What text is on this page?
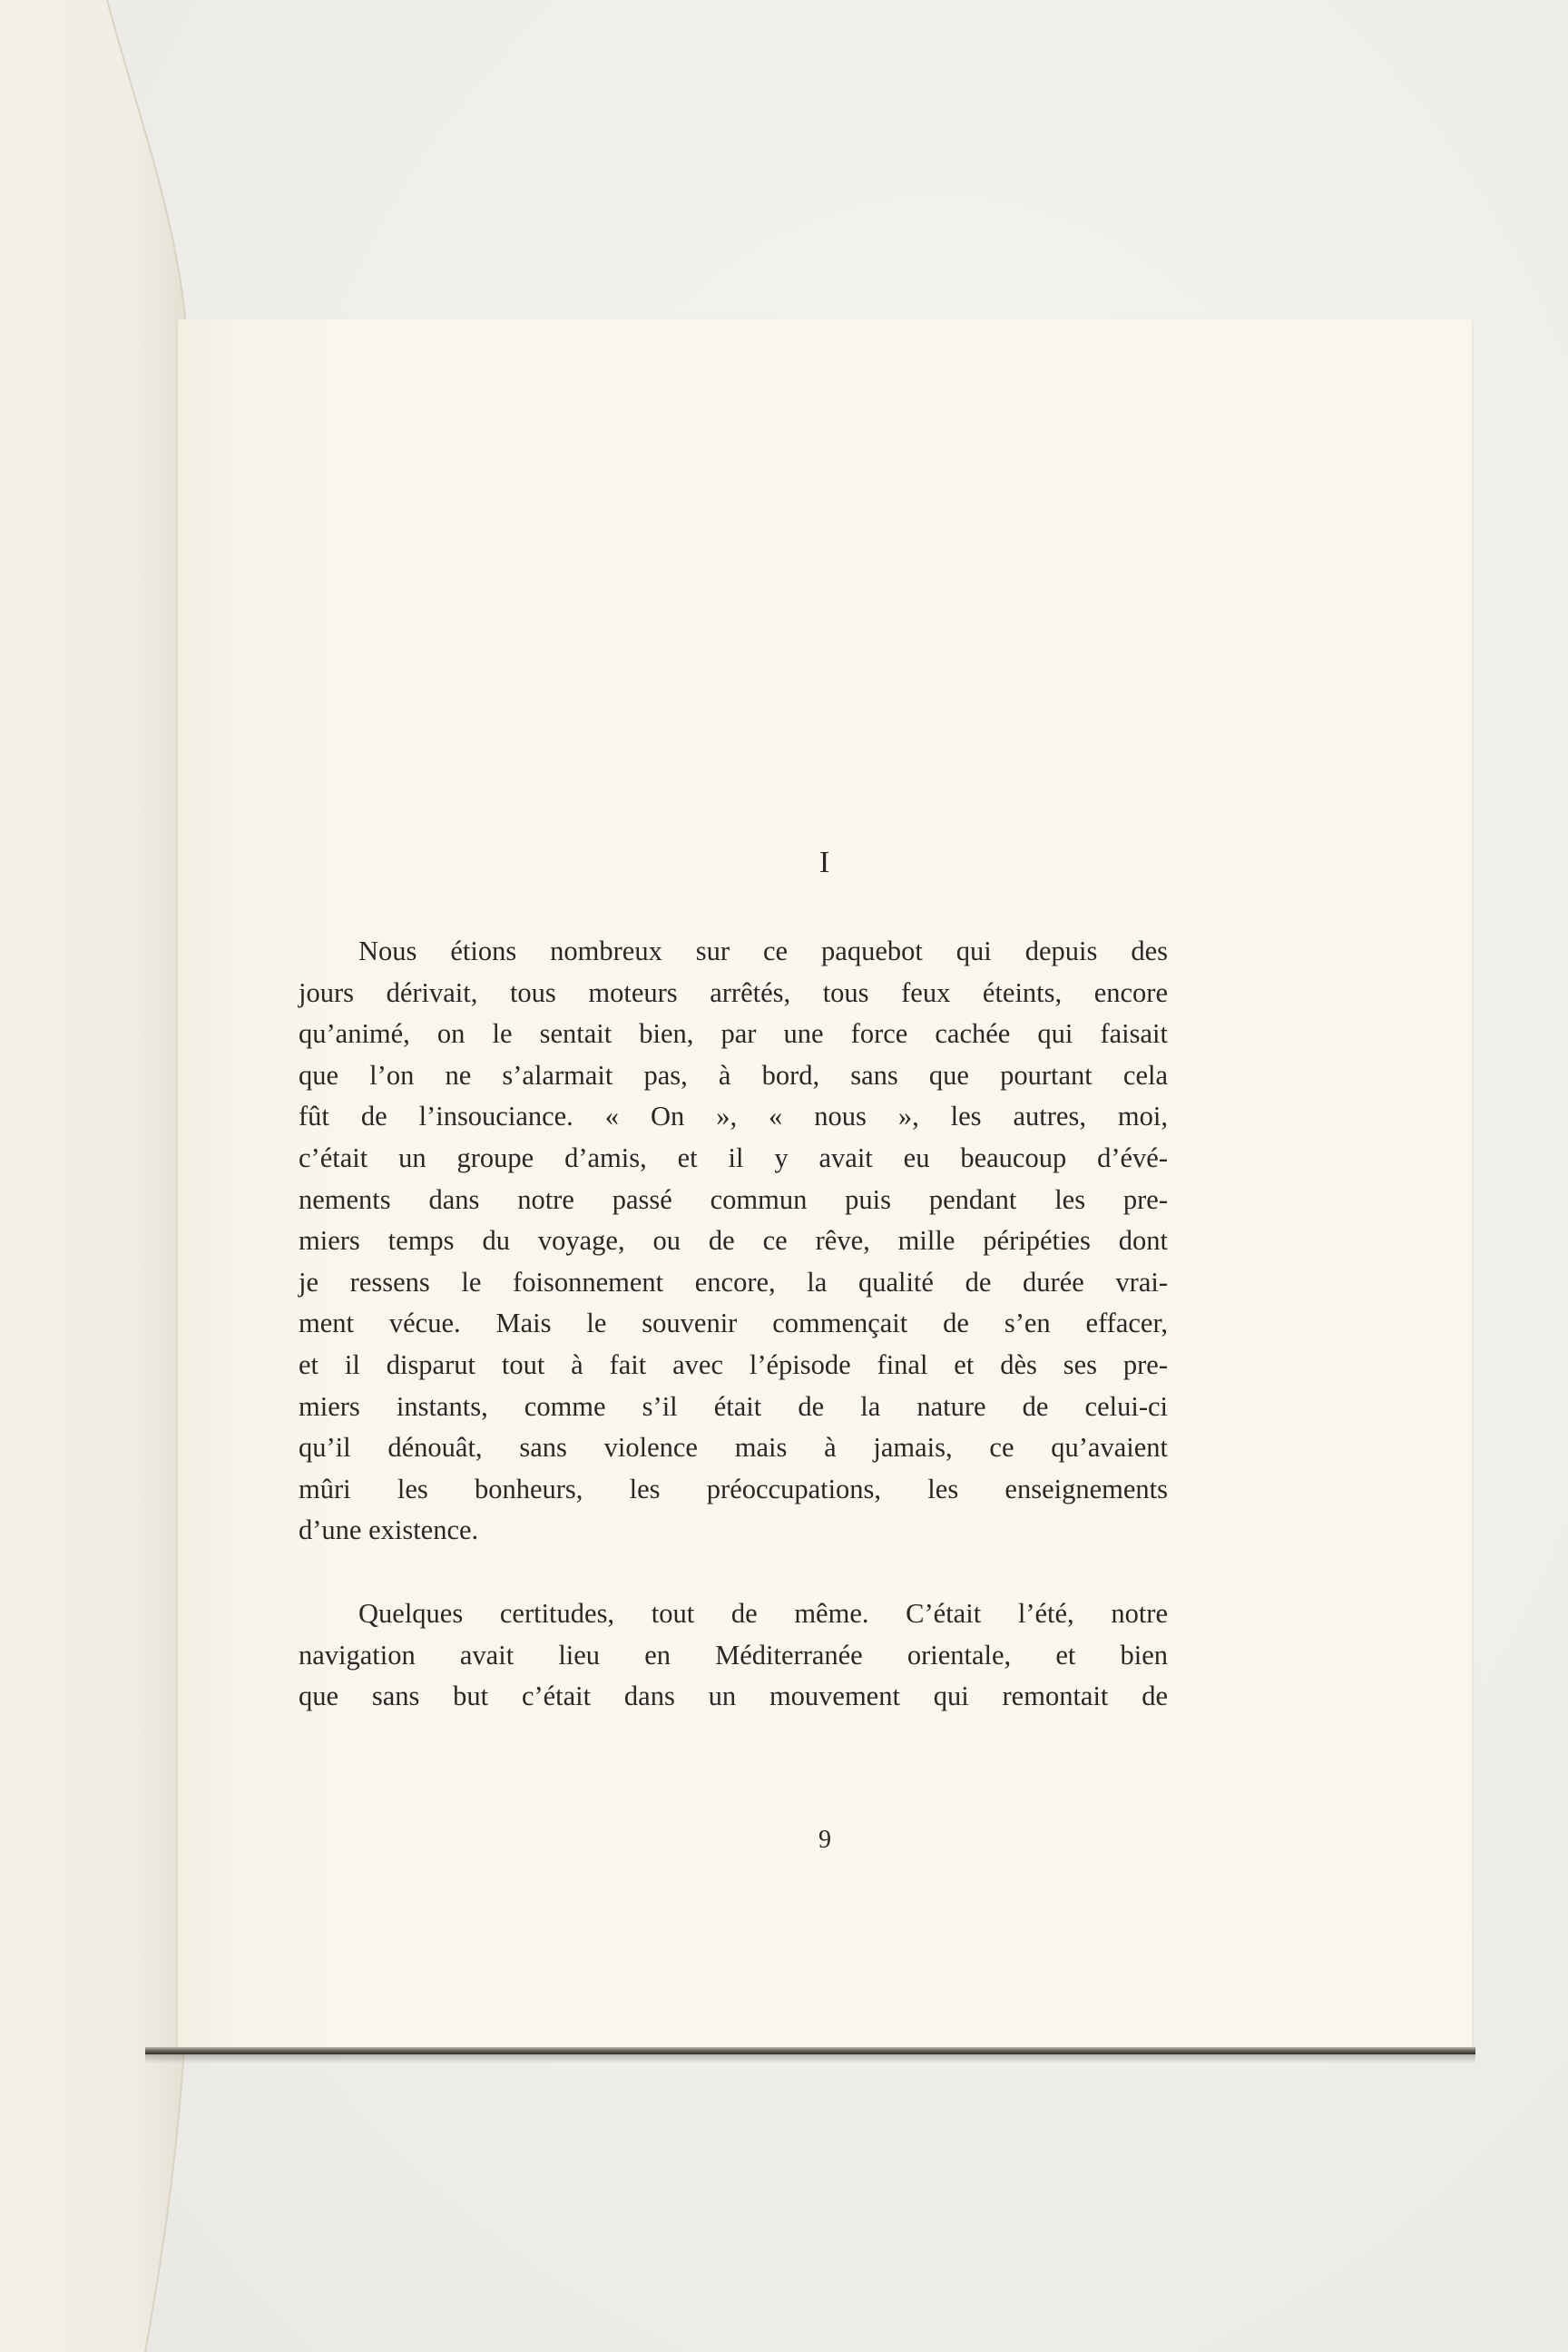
I

Nous étions nombreux sur ce paquebot qui depuis des
jours dérivait, tous moteurs arrêtés, tous feux éteints, encore
qu’animé, on le sentait bien, par une force cachée qui faisait
que l’on ne s’alarmait pas, à bord, sans que pourtant cela
fût de l’insouciance. « On », « nous », les autres, moi,
c’était un groupe d’amis, et il y avait eu beaucoup d’évé-
nements dans notre passé commun puis pendant les pre-
miers temps du voyage, ou de ce rêve, mille péripéties dont
je ressens le foisonnement encore, la qualité de durée vrai-
ment vécue. Mais le souvenir commençait de s’en effacer,
et il disparut tout à fait avec l’épisode final et dès ses pre-
miers instants, comme s’il était de la nature de celui-ci
qu’il dénouât, sans violence mais à jamais, ce qu’avaient
mûri les bonheurs, les préoccupations, les enseignements
d’une existence.

Quelques certitudes, tout de même. C’était l’été, notre
navigation avait lieu en Méditerranée orientale, et bien
que sans but c’était dans un mouvement qui remontait de

9
